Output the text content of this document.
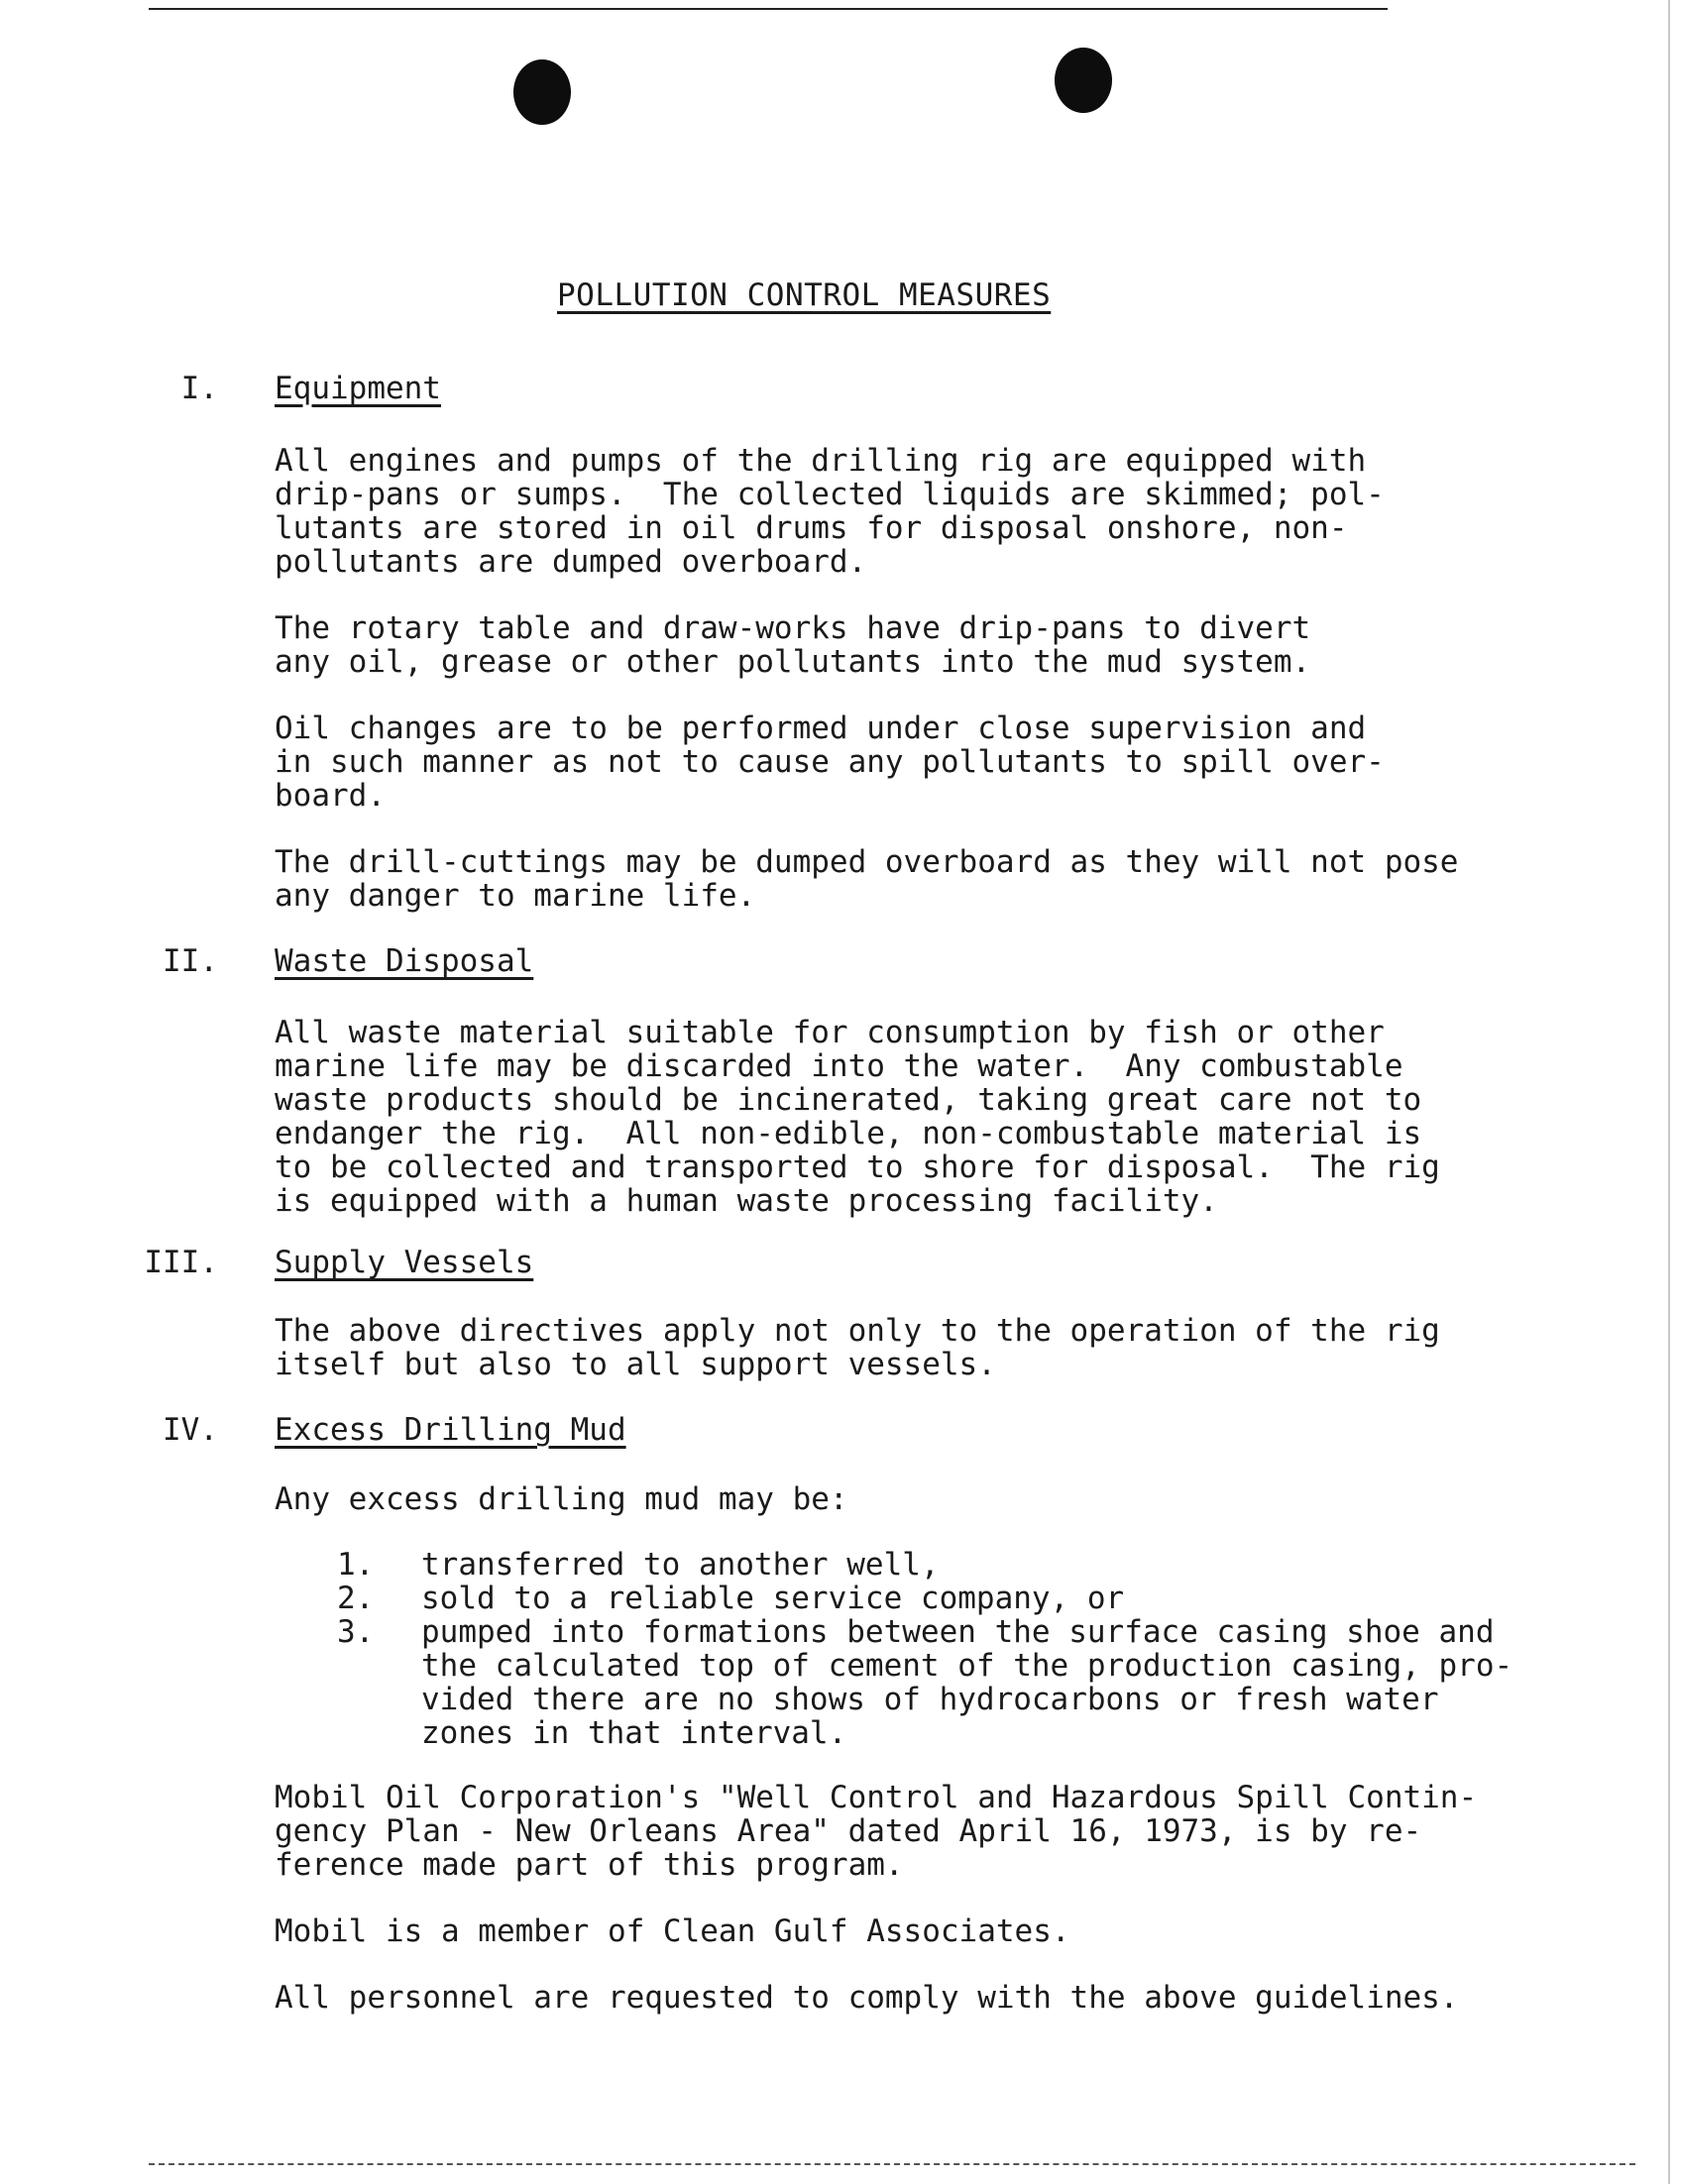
POLLUTION CONTROL MEASURES
I. Equipment

All engines and pumps of the drilling rig are equipped with
drip-pans or sumps.  The collected liquids are skimmed; pol-
lutants are stored in oil drums for disposal onshore, non-
pollutants are dumped overboard.

The rotary table and draw-works have drip-pans to divert
any oil, grease or other pollutants into the mud system.

Oil changes are to be performed under close supervision and
in such manner as not to cause any pollutants to spill over-
board.

The drill-cuttings may be dumped overboard as they will not pose
any danger to marine life.

II. Waste Disposal

All waste material suitable for consumption by fish or other
marine life may be discarded into the water.  Any combustable
waste products should be incinerated, taking great care not to
endanger the rig.  All non-edible, non-combustable material is
to be collected and transported to shore for disposal.  The rig
is equipped with a human waste processing facility.

III. Supply Vessels

The above directives apply not only to the operation of the rig
itself but also to all support vessels.

IV. Excess Drilling Mud

Any excess drilling mud may be:

1. transferred to another well,
2. sold to a reliable service company, or
3. pumped into formations between the surface casing shoe and
the calculated top of cement of the production casing, pro-
vided there are no shows of hydrocarbons or fresh water
zones in that interval.

Mobil Oil Corporation's "Well Control and Hazardous Spill Contin-
gency Plan - New Orleans Area" dated April 16, 1973, is by re-
ference made part of this program.

Mobil is a member of Clean Gulf Associates.

All personnel are requested to comply with the above guidelines.
